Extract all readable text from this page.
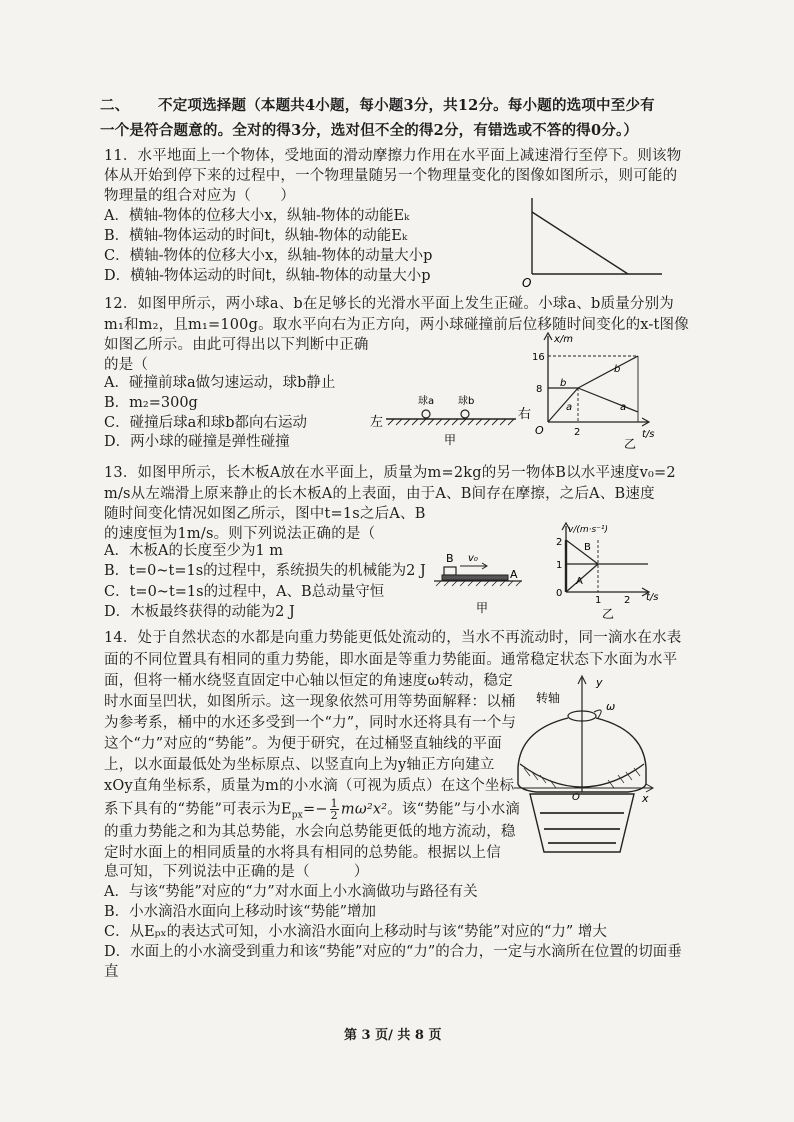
二、 不定项选择题（本题共4小题，每小题3分，共12分。每小题的选项中至少有
一个是符合题意的。全对的得3分，选对但不全的得2分，有错选或不答的得0分。）
11．水平地面上一个物体，受地面的滑动摩擦力作用在水平面上减速滑行至停下。则该物
体从开始到停下来的过程中，一个物理量随另一个物理量变化的图像如图所示，则可能的
物理量的组合对应为（　　）
A．横轴-物体的位移大小x，纵轴-物体的动能Eₖ
B．横轴-物体运动的时间t，纵轴-物体的动能Eₖ
C．横轴-物体的位移大小x，纵轴-物体的动量大小p
D．横轴-物体运动的时间t，纵轴-物体的动量大小p	O
12．如图甲所示，两小球a、b在足够长的光滑水平面上发生正碰。小球a、b质量分别为
m₁和m₂，且m₁=100g。取水平向右为正方向，两小球碰撞前后位移随时间变化的x-t图像
如图乙所示。由此可得出以下判断中正确
的是（
A．碰撞前球a做匀速运动，球b静止
B．m₂=300g
C．碰撞后球a和球b都向右运动
D．两小球的碰撞是弹性碰撞
左
右
球a 球b
甲
x/m
t/s
16
8
2
O
b
a
b
a
乙
13．如图甲所示，长木板A放在水平面上，质量为m=2kg的另一物体B以水平速度v₀=2
m/s从左端滑上原来静止的长木板A的上表面，由于A、B间存在摩擦，之后A、B速度
随时间变化情况如图乙所示，图中t=1s之后A、B
的速度恒为1m/s。则下列说法正确的是（
A．木板A的长度至少为1 m
B．t=0~t=1s的过程中，系统损失的机械能为2 J
C．t=0~t=1s的过程中，A、B总动量守恒
D．木板最终获得的动能为2 J
B v₀
A
甲
v/(m·s⁻¹)
t/s
2
1
0
1 2
B
A
乙
14．处于自然状态的水都是向重力势能更低处流动的，当水不再流动时，同一滴水在水表
面的不同位置具有相同的重力势能，即水面是等重力势能面。通常稳定状态下水面为水平
面，但将一桶水绕竖直固定中心轴以恒定的角速度ω转动，稳定
时水面呈凹状，如图所示。这一现象依然可用等势面解释：以桶
为参考系，桶中的水还多受到一个“力”，同时水还将具有一个与
这个“力”对应的“势能”。为便于研究，在过桶竖直轴线的平面
上，以水面最低处为坐标原点、以竖直向上为y轴正方向建立
xOy直角坐标系，质量为m的小水滴（可视为质点）在这个坐标
系下具有的“势能”可表示为$E_{px}=- \frac{1}{2} m\omega^2x^2$。该“势能”与小水滴
的重力势能之和为其总势能，水会向总势能更低的地方流动，稳
定时水面上的相同质量的水将具有相同的总势能。根据以上信
息可知，下列说法中正确的是（　　　）
A．与该“势能”对应的“力”对水面上小水滴做功与路径有关
B．小水滴沿水面向上移动时该“势能”增加
C．从Eₚₓ的表达式可知，小水滴沿水面向上移动时与该“势能”对应的“力” 增大
D．水面上的小水滴受到重力和该“势能”对应的“力”的合力，一定与水滴所在位置的切面垂
直
转轴
y
ω
x
O
第 3 页/ 共 8 页
